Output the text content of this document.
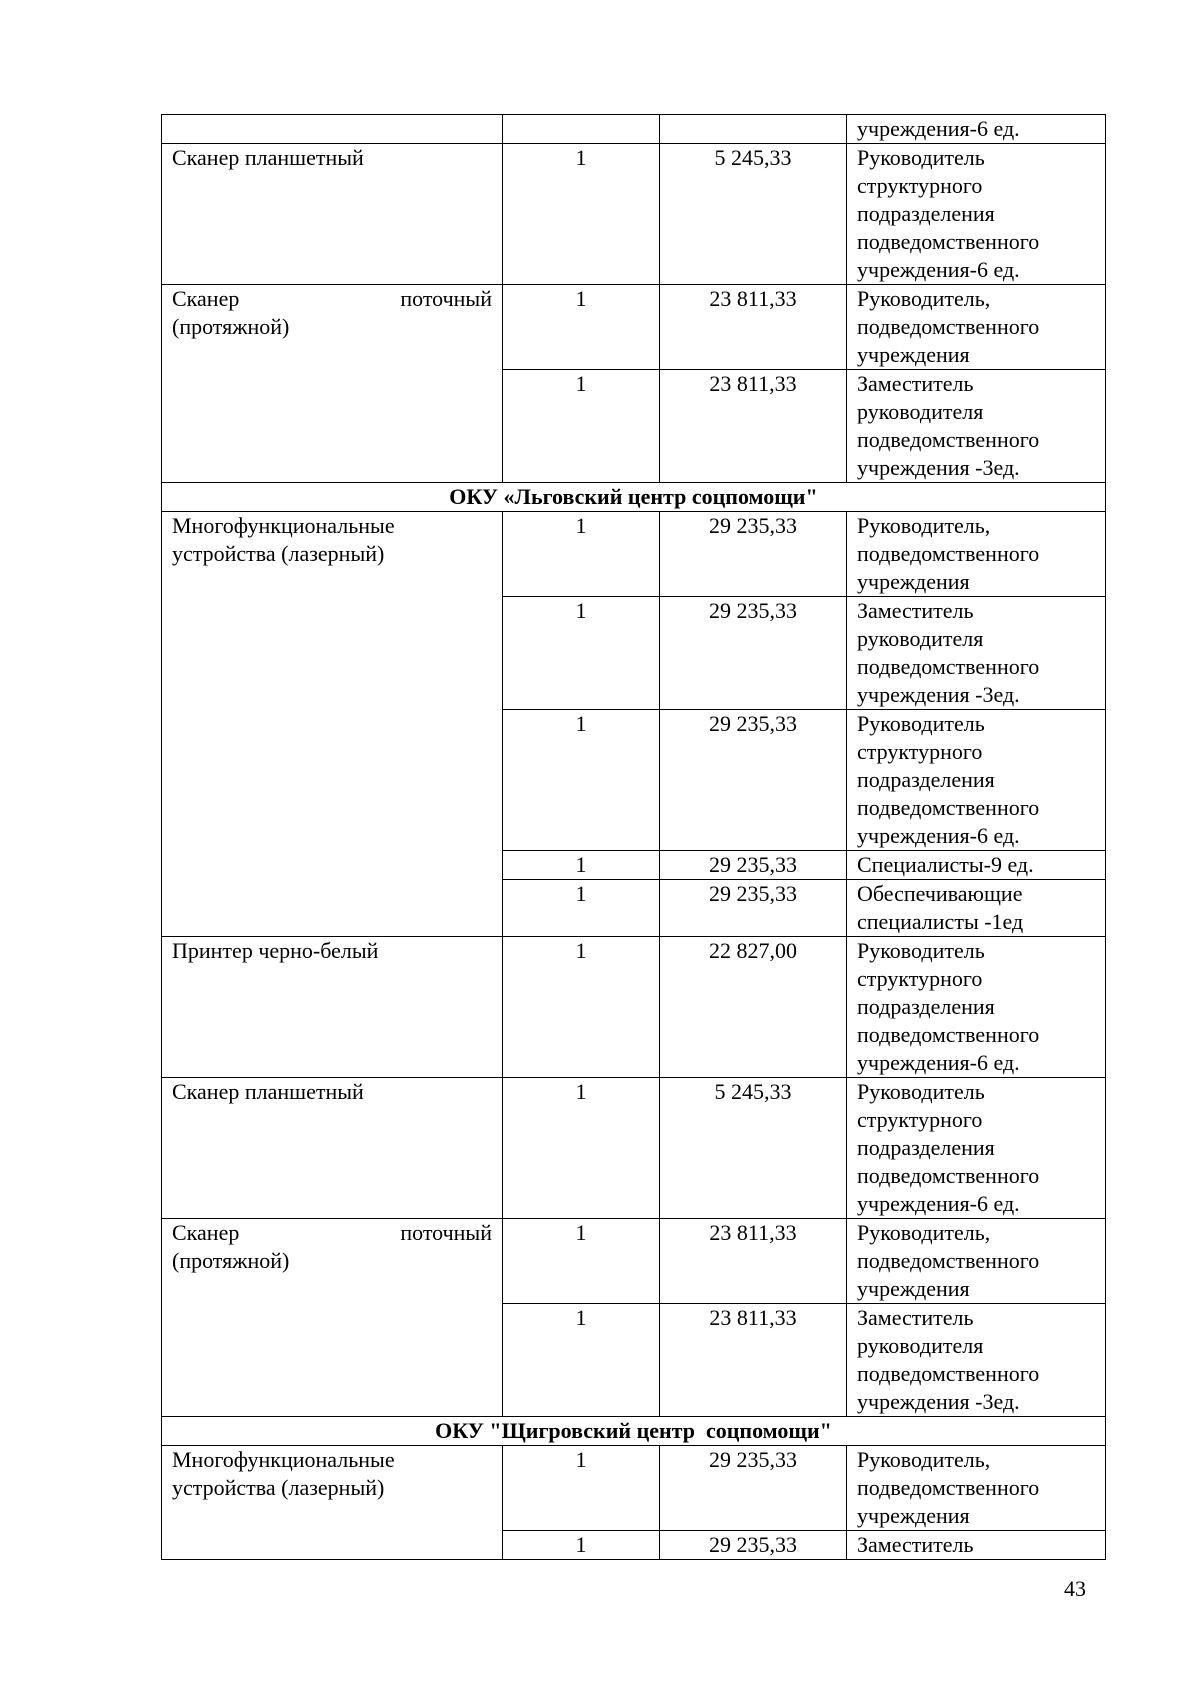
			учреждения-6 ед.

Сканер планшетный	1	5 245,33	Руководитель
структурного
подразделения
подведомственного
учреждения-6 ед.

Сканер поточный
(протяжной)	1	23 811,33	Руководитель,
подведомственного
учреждения

	1	23 811,33	Заместитель
руководителя
подведомственного
учреждения -3ед.

ОКУ «Льговский центр соцпомощи"			

Многофункциональные
устройства (лазерный)	1	29 235,33	Руководитель,
подведомственного
учреждения

	1	29 235,33	Заместитель
руководителя
подведомственного
учреждения -3ед.

	1	29 235,33	Руководитель
структурного
подразделения
подведомственного
учреждения-6 ед.

	1	29 235,33	Специалисты-9 ед.

	1	29 235,33	Обеспечивающие
специалисты -1ед

Принтер черно-белый	1	22 827,00	Руководитель
структурного
подразделения
подведомственного
учреждения-6 ед.

Сканер планшетный	1	5 245,33	Руководитель
структурного
подразделения
подведомственного
учреждения-6 ед.

Сканер поточный
(протяжной)	1	23 811,33	Руководитель,
подведомственного
учреждения

	1	23 811,33	Заместитель
руководителя
подведомственного
учреждения -3ед.

ОКУ "Щигровский центр  соцпомощи"			

Многофункциональные
устройства (лазерный)	1	29 235,33	Руководитель,
подведомственного
учреждения

	1	29 235,33	Заместитель
43
